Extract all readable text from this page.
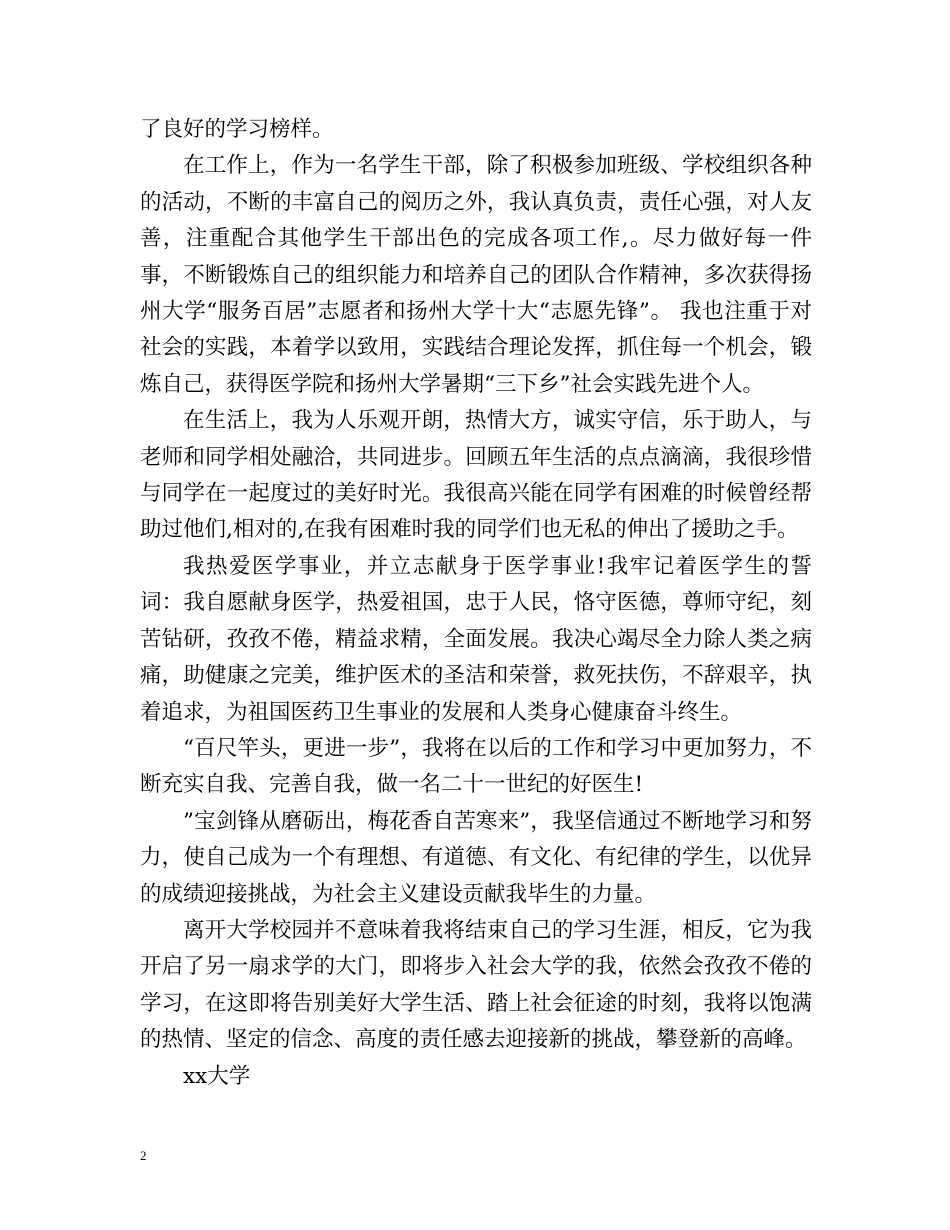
了良好的学习榜样。

在工作上，作为一名学生干部，除了积极参加班级、学校组织各种的活动，不断的丰富自己的阅历之外，我认真负责，责任心强，对人友善，注重配合其他学生干部出色的完成各项工作,。尽力做好每一件事，不断锻炼自己的组织能力和培养自己的团队合作精神，多次获得扬州大学“服务百居”志愿者和扬州大学十大“志愿先锋”。 我也注重于对社会的实践，本着学以致用，实践结合理论发挥，抓住每一个机会，锻炼自己，获得医学院和扬州大学暑期“三下乡”社会实践先进个人。

在生活上，我为人乐观开朗，热情大方，诚实守信，乐于助人，与老师和同学相处融洽，共同进步。回顾五年生活的点点滴滴，我很珍惜与同学在一起度过的美好时光。我很高兴能在同学有困难的时候曾经帮助过他们,相对的,在我有困难时我的同学们也无私的伸出了援助之手。

我热爱医学事业，并立志献身于医学事业!我牢记着医学生的誓词：我自愿献身医学，热爱祖国，忠于人民，恪守医德，尊师守纪，刻苦钻研，孜孜不倦，精益求精，全面发展。我决心竭尽全力除人类之病痛，助健康之完美，维护医术的圣洁和荣誉，救死扶伤，不辞艰辛，执着追求，为祖国医药卫生事业的发展和人类身心健康奋斗终生。

“百尺竿头，更进一步”，我将在以后的工作和学习中更加努力，不断充实自我、完善自我，做一名二十一世纪的好医生!

”宝剑锋从磨砺出，梅花香自苦寒来”，我坚信通过不断地学习和努力，使自己成为一个有理想、有道德、有文化、有纪律的学生，以优异的成绩迎接挑战，为社会主义建设贡献我毕生的力量。

离开大学校园并不意味着我将结束自己的学习生涯，相反，它为我开启了另一扇求学的大门，即将步入社会大学的我，依然会孜孜不倦的学习，在这即将告别美好大学生活、踏上社会征途的时刻，我将以饱满的热情、坚定的信念、高度的责任感去迎接新的挑战，攀登新的高峰。

xx大学

2
